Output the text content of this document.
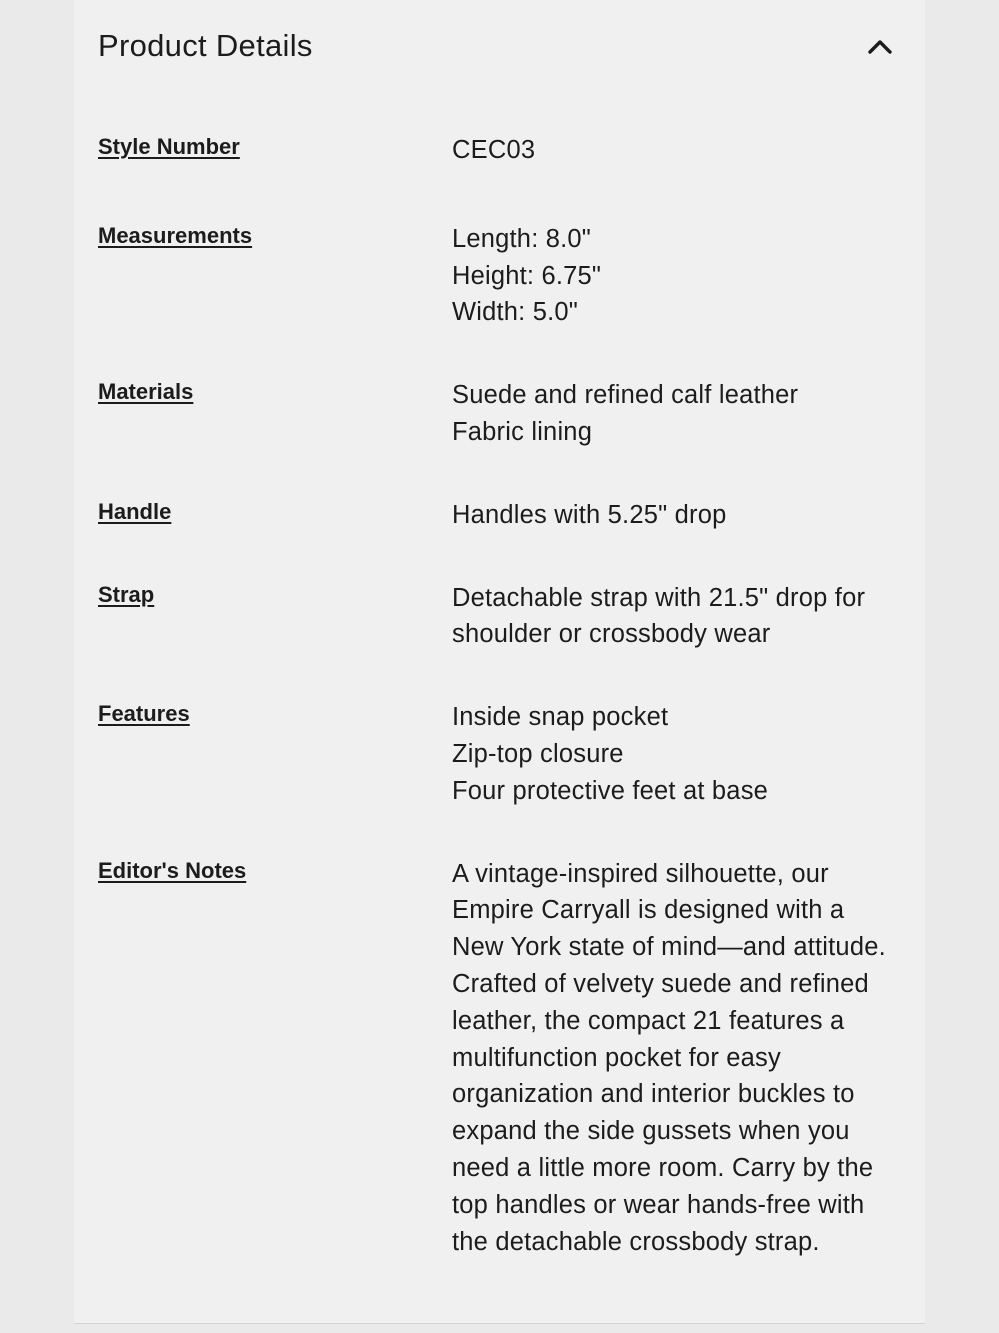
Product Details
Style Number	CEC03
Measurements	Length: 8.0"
Height: 6.75"
Width: 5.0"
Materials	Suede and refined calf leather
Fabric lining
Handle	Handles with 5.25" drop
Strap	Detachable strap with 21.5" drop for shoulder or crossbody wear
Features	Inside snap pocket
Zip-top closure
Four protective feet at base
Editor's Notes	A vintage-inspired silhouette, our Empire Carryall is designed with a New York state of mind—and attitude. Crafted of velvety suede and refined leather, the compact 21 features a multifunction pocket for easy organization and interior buckles to expand the side gussets when you need a little more room. Carry by the top handles or wear hands-free with the detachable crossbody strap.
